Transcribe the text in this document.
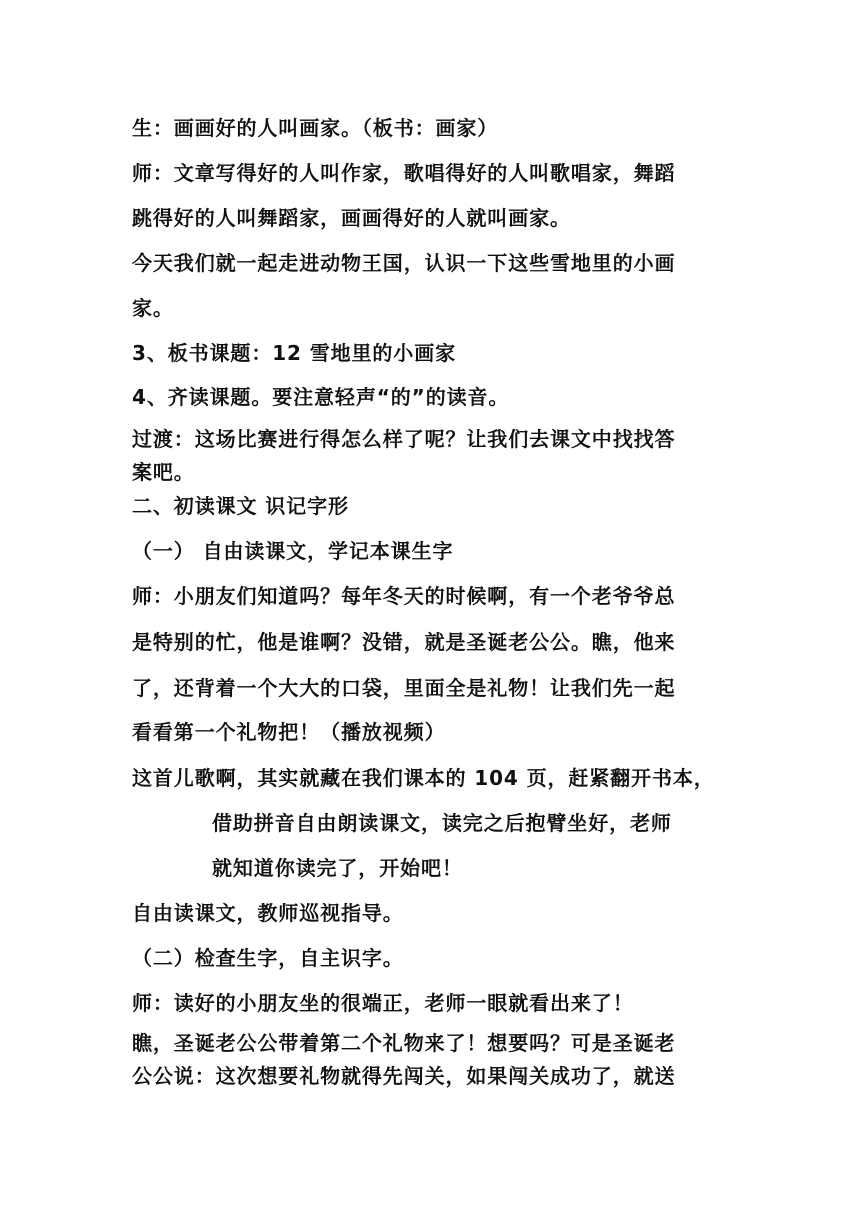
生：画画好的人叫画家。（板书：画家）
师：文章写得好的人叫作家，歌唱得好的人叫歌唱家，舞蹈
跳得好的人叫舞蹈家，画画得好的人就叫画家。
今天我们就一起走进动物王国，认识一下这些雪地里的小画
家。
3、板书课题：12 雪地里的小画家
4、齐读课题。要注意轻声“的”的读音。
过渡：这场比赛进行得怎么样了呢？让我们去课文中找找答
案吧。
二、初读课文 识记字形
（一） 自由读课文，学记本课生字
师：小朋友们知道吗？每年冬天的时候啊，有一个老爷爷总
是特别的忙，他是谁啊？没错，就是圣诞老公公。瞧，他来
了，还背着一个大大的口袋，里面全是礼物！让我们先一起
看看第一个礼物把！（播放视频）
这首儿歌啊，其实就藏在我们课本的 104 页，赶紧翻开书本，
借助拼音自由朗读课文，读完之后抱臂坐好，老师
就知道你读完了，开始吧！
自由读课文，教师巡视指导。
（二）检查生字，自主识字。
师：读好的小朋友坐的很端正，老师一眼就看出来了！
瞧，圣诞老公公带着第二个礼物来了！想要吗？可是圣诞老
公公说：这次想要礼物就得先闯关，如果闯关成功了，就送
